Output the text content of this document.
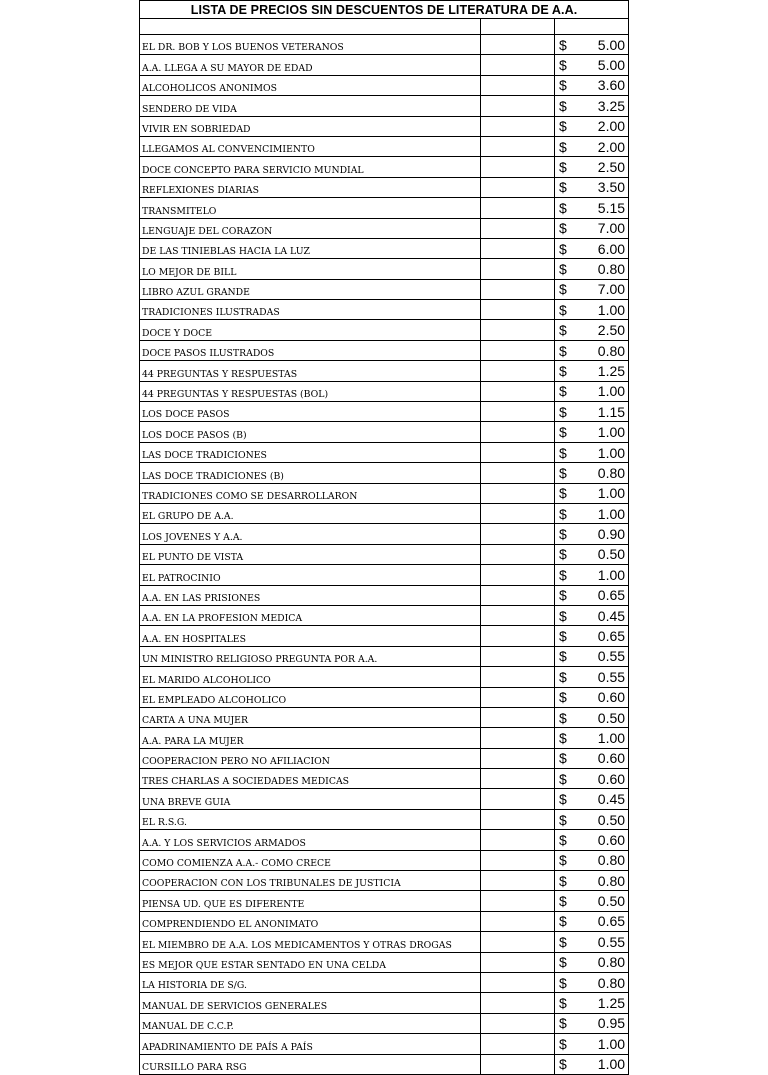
LISTA DE PRECIOS SIN DESCUENTOS DE LITERATURA DE A.A.		

EL DR. BOB Y LOS BUENOS VETERANOS		$ 5.00

A.A. LLEGA A SU MAYOR DE EDAD		$ 5.00

ALCOHOLICOS ANONIMOS		$ 3.60

SENDERO DE VIDA		$ 3.25

VIVIR EN SOBRIEDAD		$ 2.00

LLEGAMOS AL CONVENCIMIENTO		$ 2.00

DOCE CONCEPTO PARA SERVICIO MUNDIAL		$ 2.50

REFLEXIONES DIARIAS		$ 3.50

TRANSMITELO		$ 5.15

LENGUAJE DEL CORAZON		$ 7.00

DE LAS TINIEBLAS HACIA LA LUZ		$ 6.00

LO MEJOR DE BILL		$ 0.80

LIBRO AZUL GRANDE		$ 7.00

TRADICIONES ILUSTRADAS		$ 1.00

DOCE Y DOCE		$ 2.50

DOCE PASOS ILUSTRADOS		$ 0.80

44 PREGUNTAS Y RESPUESTAS		$ 1.25

44 PREGUNTAS Y RESPUESTAS (BOL)		$ 1.00

LOS DOCE PASOS		$ 1.15

LOS DOCE PASOS (B)		$ 1.00

LAS DOCE TRADICIONES		$ 1.00

LAS DOCE TRADICIONES (B)		$ 0.80

TRADICIONES COMO SE DESARROLLARON		$ 1.00

EL GRUPO DE A.A.		$ 1.00

LOS JOVENES Y A.A.		$ 0.90

EL PUNTO DE VISTA		$ 0.50

EL PATROCINIO		$ 1.00

A.A. EN LAS PRISIONES		$ 0.65

A.A. EN LA PROFESION MEDICA		$ 0.45

A.A. EN HOSPITALES		$ 0.65

UN MINISTRO RELIGIOSO PREGUNTA POR A.A.		$ 0.55

EL MARIDO ALCOHOLICO		$ 0.55

EL EMPLEADO ALCOHOLICO		$ 0.60

CARTA A UNA MUJER		$ 0.50

A.A. PARA LA MUJER		$ 1.00

COOPERACION PERO NO AFILIACION		$ 0.60

TRES CHARLAS A SOCIEDADES MEDICAS		$ 0.60

UNA BREVE GUIA		$ 0.45

EL R.S.G.		$ 0.50

A.A. Y LOS SERVICIOS ARMADOS		$ 0.60

COMO COMIENZA A.A.- COMO CRECE		$ 0.80

COOPERACION CON LOS TRIBUNALES DE JUSTICIA		$ 0.80

PIENSA UD. QUE ES DIFERENTE		$ 0.50

COMPRENDIENDO EL ANONIMATO		$ 0.65

EL MIEMBRO DE A.A. LOS MEDICAMENTOS Y OTRAS DROGAS		$ 0.55

ES MEJOR QUE ESTAR SENTADO EN UNA CELDA		$ 0.80

LA HISTORIA DE S/G.		$ 0.80

MANUAL DE SERVICIOS GENERALES		$ 1.25

MANUAL DE C.C.P.		$ 0.95

APADRINAMIENTO DE PAÍS A PAÍS		$ 1.00

CURSILLO PARA RSG		$ 1.00
